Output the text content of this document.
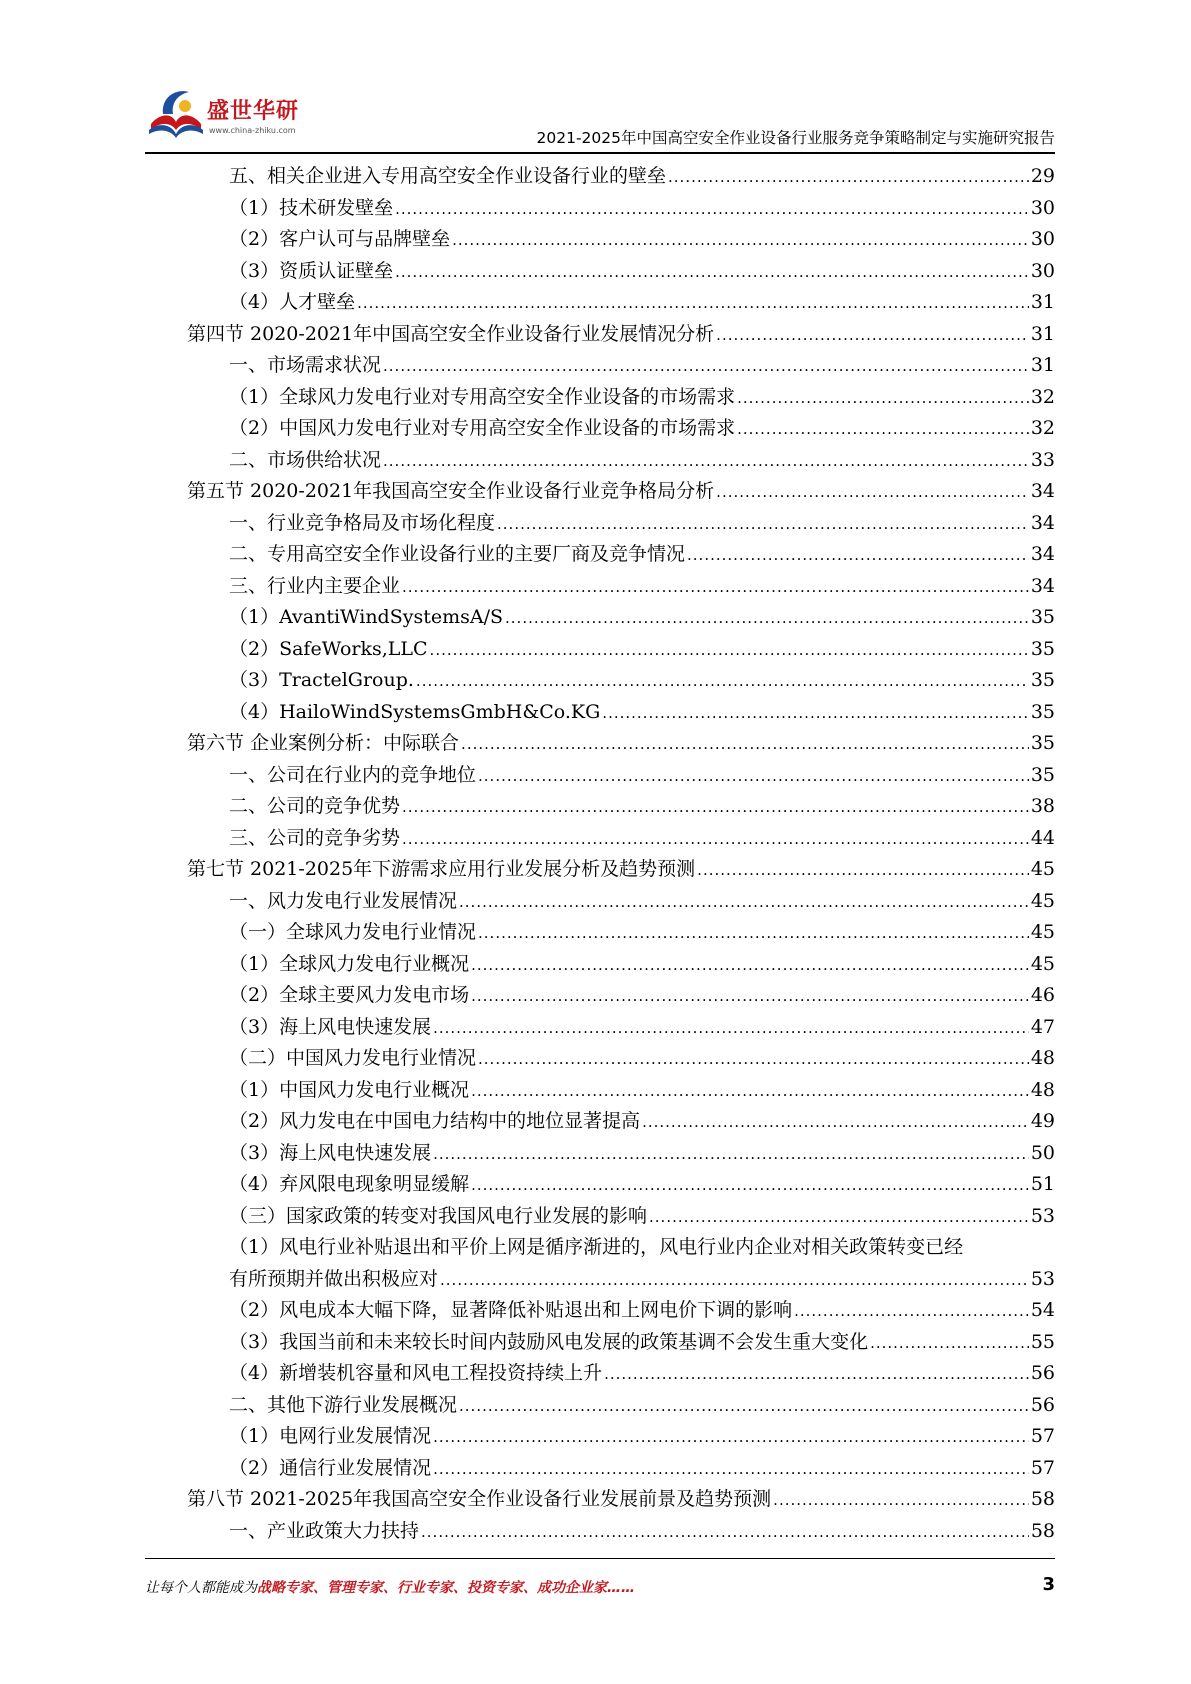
盛世华研
www.china-zhiku.com	2021-2025年中国高空安全作业设备行业服务竞争策略制定与实施研究报告
五、相关企业进入专用高空安全作业设备行业的壁垒 .....	29
（1）技术研发壁垒 .....	30
（2）客户认可与品牌壁垒 .....	30
（3）资质认证壁垒 .....	30
（4）人才壁垒 .....	31
第四节 2020-2021年中国高空安全作业设备行业发展情况分析 .....	31
一、市场需求状况 .....	31
（1）全球风力发电行业对专用高空安全作业设备的市场需求 .....	32
（2）中国风力发电行业对专用高空安全作业设备的市场需求 .....	32
二、市场供给状况 .....	33
第五节 2020-2021年我国高空安全作业设备行业竞争格局分析 .....	34
一、行业竞争格局及市场化程度 .....	34
二、专用高空安全作业设备行业的主要厂商及竞争情况 .....	34
三、行业内主要企业 .....	34
（1）AvantiWindSystemsA/S .....	35
（2）SafeWorks,LLC .....	35
（3）TractelGroup. .....	35
（4）HailoWindSystemsGmbH&Co.KG .....	35
第六节 企业案例分析：中际联合 .....	35
一、公司在行业内的竞争地位 .....	35
二、公司的竞争优势 .....	38
三、公司的竞争劣势 .....	44
第七节 2021-2025年下游需求应用行业发展分析及趋势预测 .....	45
一、风力发电行业发展情况 .....	45
（一）全球风力发电行业情况 .....	45
（1）全球风力发电行业概况 .....	45
（2）全球主要风力发电市场 .....	46
（3）海上风电快速发展 .....	47
（二）中国风力发电行业情况 .....	48
（1）中国风力发电行业概况 .....	48
（2）风力发电在中国电力结构中的地位显著提高 .....	49
（3）海上风电快速发展 .....	50
（4）弃风限电现象明显缓解 .....	51
（三）国家政策的转变对我国风电行业发展的影响 .....	53
（1）风电行业补贴退出和平价上网是循序渐进的，风电行业内企业对相关政策转变已经
有所预期并做出积极应对 .....	53
（2）风电成本大幅下降，显著降低补贴退出和上网电价下调的影响 .....	54
（3）我国当前和未来较长时间内鼓励风电发展的政策基调不会发生重大变化 .....	55
（4）新增装机容量和风电工程投资持续上升 .....	56
二、其他下游行业发展概况 .....	56
（1）电网行业发展情况 .....	57
（2）通信行业发展情况 .....	57
第八节 2021-2025年我国高空安全作业设备行业发展前景及趋势预测 .....	58
一、产业政策大力扶持 .....	58
让每个人都能成为战略专家、管理专家、行业专家、投资专家、成功企业家……	3
